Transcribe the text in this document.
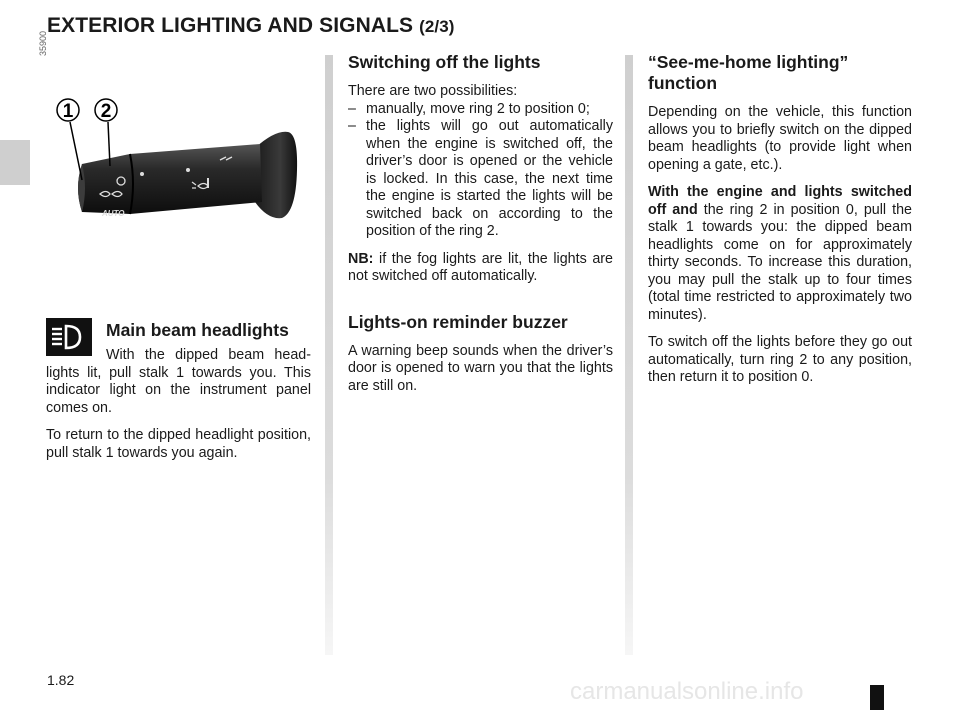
EXTERIOR LIGHTING AND SIGNALS (2/3)
35900
AUTO
1 2
Main beam headlights

With the dipped beam headlights lit, pull stalk 1 towards you. This indicator light on the instrument panel comes on.

To return to the dipped headlight position, pull stalk 1 towards you again.

Switching off the lights

There are two possibilities:

– manually, move ring 2 to position 0;
– the lights will go out automatically when the engine is switched off, the driver’s door is opened or the vehicle is locked. In this case, the next time the engine is started the lights will be switched back on according to the position of the ring 2.

NB: if the fog lights are lit, the lights are not switched off automatically.

Lights-on reminder buzzer

A warning beep sounds when the driver’s door is opened to warn you that the lights are still on.

“See-me-home lighting” function

Depending on the vehicle, this function allows you to briefly switch on the dipped beam headlights (to provide light when opening a gate, etc.).

With the engine and lights switched off and the ring 2 in position 0, pull the stalk 1 towards you: the dipped beam headlights come on for approximately thirty seconds. To increase this duration, you may pull the stalk up to four times (total time restricted to approximately two minutes).

To switch off the lights before they go out automatically, turn ring 2 to any position, then return it to position 0.

1.82	carmanualsonline.info
